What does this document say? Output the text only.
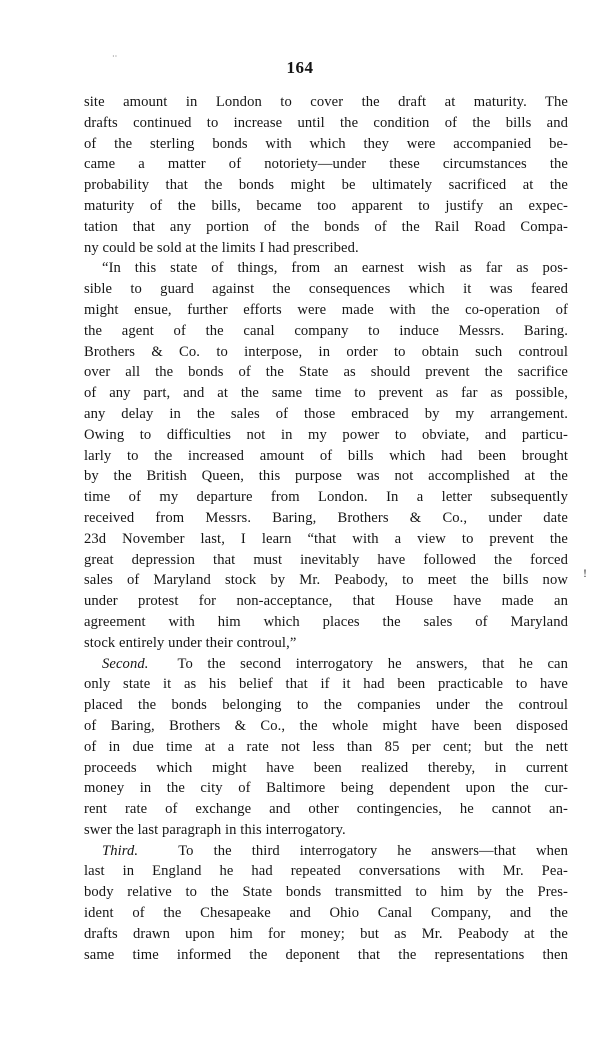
··
164
site amount in London to cover the draft at maturity. The
drafts continued to increase until the condition of the bills and
of the sterling bonds with which they were accompanied be-
came a matter of notoriety—under these circumstances the
probability that the bonds might be ultimately sacrificed at the
maturity of the bills, became too apparent to justify an expec-
tation that any portion of the bonds of the Rail Road Compa-
ny could be sold at the limits I had prescribed.
“In this state of things, from an earnest wish as far as pos-
sible to guard against the consequences which it was feared
might ensue, further efforts were made with the co-operation of
the agent of the canal company to induce Messrs. Baring.
Brothers & Co. to interpose, in order to obtain such controul
over all the bonds of the State as should prevent the sacrifice
of any part, and at the same time to prevent as far as possible,
any delay in the sales of those embraced by my arrangement.
Owing to difficulties not in my power to obviate, and particu-
larly to the increased amount of bills which had been brought
by the British Queen, this purpose was not accomplished at the
time of my departure from London. In a letter subsequently
received from Messrs. Baring, Brothers & Co., under date
23d November last, I learn “that with a view to prevent the
great depression that must inevitably have followed the forced
sales of Maryland stock by Mr. Peabody, to meet the bills now
under protest for non-acceptance, that House have made an
agreement with him which places the sales of Maryland
stock entirely under their controul,”
Second. To the second interrogatory he answers, that he can
only state it as his belief that if it had been practicable to have
placed the bonds belonging to the companies under the controul
of Baring, Brothers & Co., the whole might have been disposed
of in due time at a rate not less than 85 per cent; but the nett
proceeds which might have been realized thereby, in current
money in the city of Baltimore being dependent upon the cur-
rent rate of exchange and other contingencies, he cannot an-
swer the last paragraph in this interrogatory.
Third.	To the third interrogatory he answers—that when
last in England he had repeated conversations with Mr. Pea-
body relative to the State bonds transmitted to him by the Pres-
ident of the Chesapeake and Ohio Canal Company, and the
drafts drawn upon him for money; but as Mr. Peabody at the
same time informed the deponent that the representations then
!
